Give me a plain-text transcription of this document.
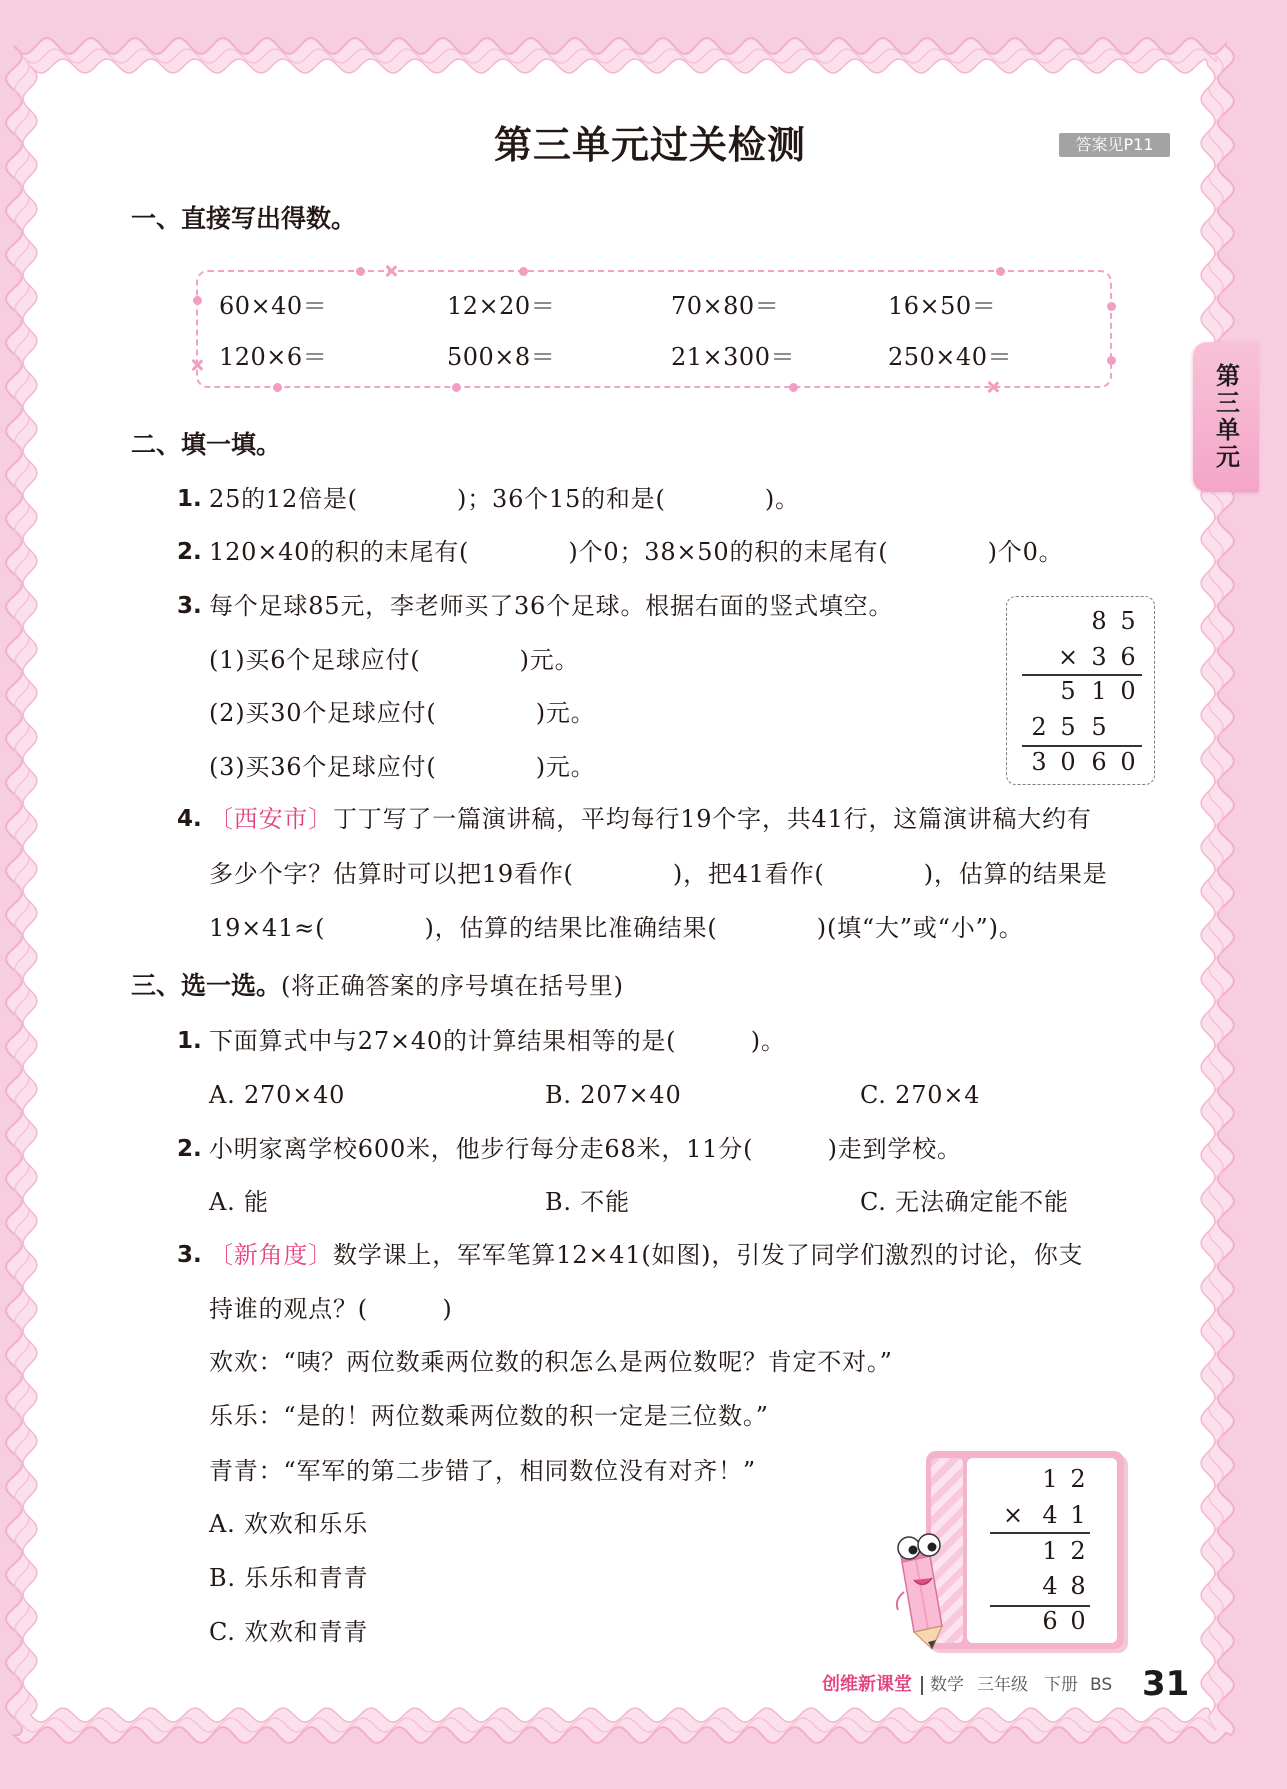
第三单元过关检测	答案见P11
第三单元
一、直接写出得数。
60×40＝	12×20＝	70×80＝	16×50＝
120×6＝	500×8＝	21×300＝	250×40＝
二、填一填。
1. 25的12倍是(　　　　)；36个15的和是(　　　　)。
2. 120×40的积的末尾有(　　　　)个0；38×50的积的末尾有(　　　　)个0。
3. 每个足球85元，李老师买了36个足球。根据右面的竖式填空。
(1)买6个足球应付(　　　　)元。
(2)买30个足球应付(　　　　)元。
(3)买36个足球应付(　　　　)元。
8 5
× 3 6
5 1 0
2 5 5
3 0 6 0
4. 〔西安市〕丁丁写了一篇演讲稿，平均每行19个字，共41行，这篇演讲稿大约有
多少个字？估算时可以把19看作(　　　　)，把41看作(　　　　)，估算的结果是
19×41≈(　　　　)，估算的结果比准确结果(　　　　)(填“大”或“小”)。
三、选一选。(将正确答案的序号填在括号里)
1. 下面算式中与27×40的计算结果相等的是(　　　)。
A. 270×40	B. 207×40	C. 270×4
2. 小明家离学校600米，他步行每分走68米，11分(　　　)走到学校。
A. 能	B. 不能	C. 无法确定能不能
3. 〔新角度〕数学课上，军军笔算12×41(如图)，引发了同学们激烈的讨论，你支
持谁的观点？(　　　)
欢欢：“咦？两位数乘两位数的积怎么是两位数呢？肯定不对。”
乐乐：“是的！两位数乘两位数的积一定是三位数。”
青青：“军军的第二步错了，相同数位没有对齐！”
A. 欢欢和乐乐
B. 乐乐和青青
C. 欢欢和青青
1 2
× 4 1
1 2
4 8
6 0
创维新课堂 数学 三年级 下册 BS 31
